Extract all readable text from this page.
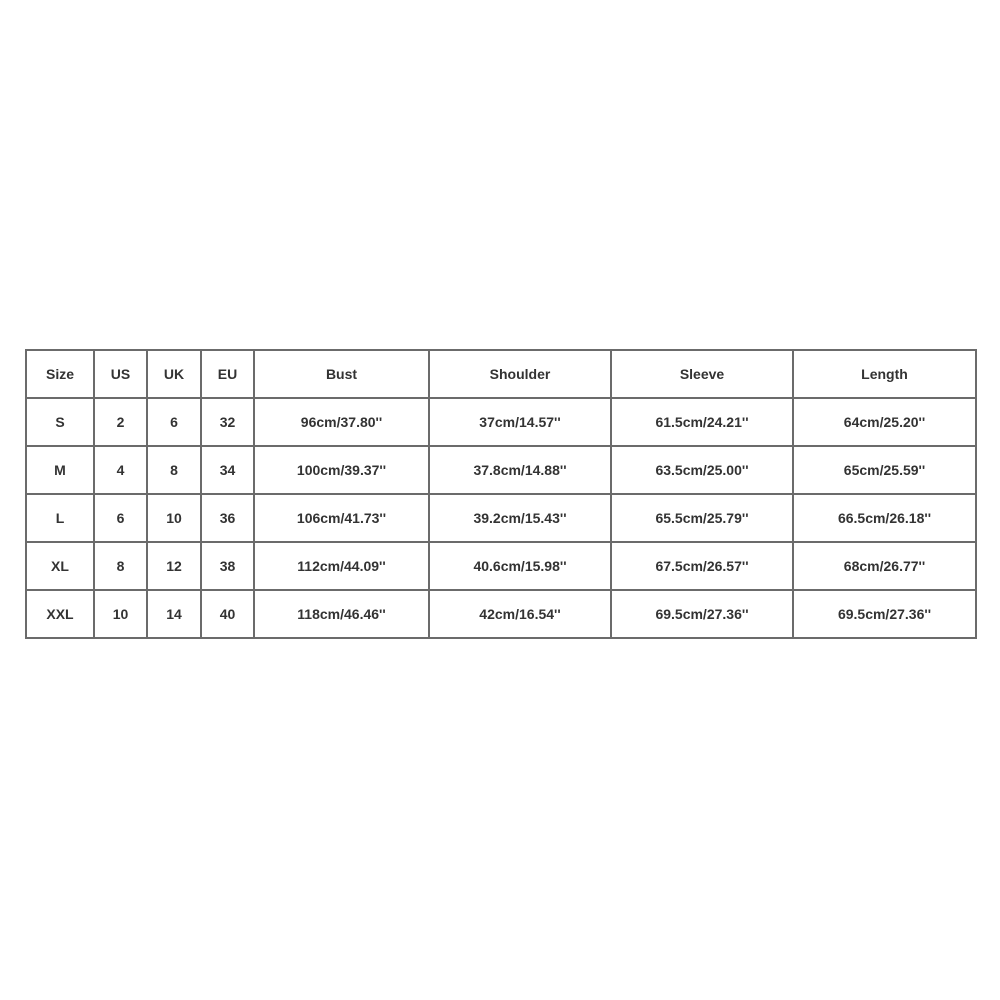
Size	US	UK	EU	Bust	Shoulder	Sleeve	Length
S	2	6	32	96cm/37.80''	37cm/14.57''	61.5cm/24.21''	64cm/25.20''
M	4	8	34	100cm/39.37''	37.8cm/14.88''	63.5cm/25.00''	65cm/25.59''
L	6	10	36	106cm/41.73''	39.2cm/15.43''	65.5cm/25.79''	66.5cm/26.18''
XL	8	12	38	112cm/44.09''	40.6cm/15.98''	67.5cm/26.57''	68cm/26.77''
XXL	10	14	40	118cm/46.46''	42cm/16.54''	69.5cm/27.36''	69.5cm/27.36''
